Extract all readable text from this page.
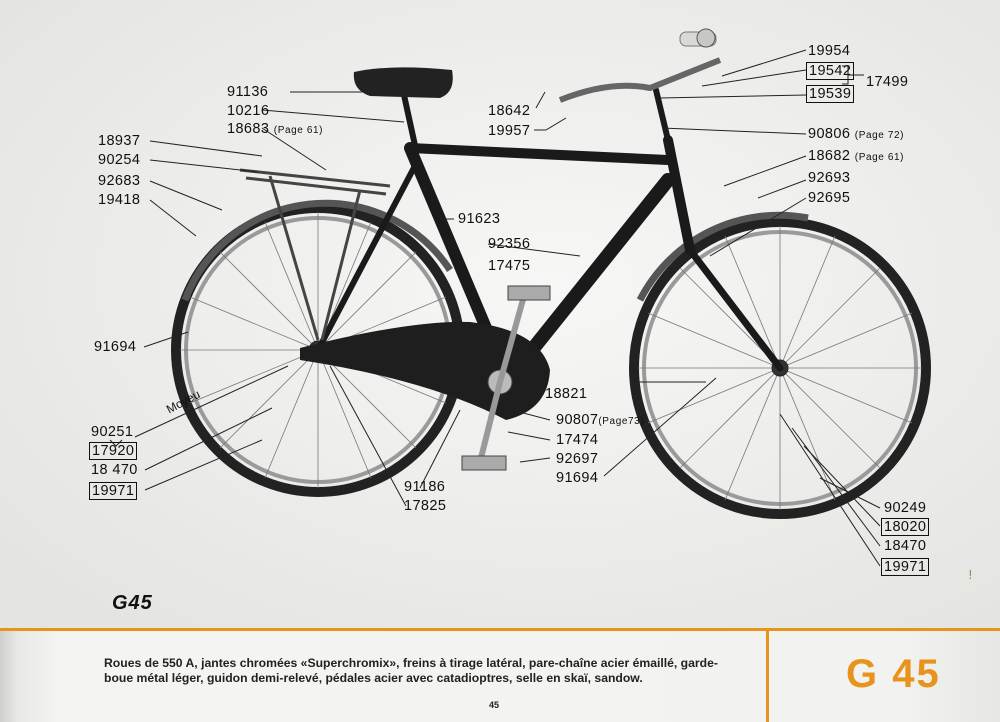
91136
10216
18683 (Page 61)
18937
90254
92683
19418
91694
Moyeu
90251
17920
18 470
19971	91186
17825
18642
19957
91623
92356
17475
18821
90807(Page73)
17474
92697
91694
19954
19542
17499
19539
90806 (Page 72)
18682 (Page 61)
92693
92695
90249
18020
18470
19971	!
G45
Roues de 550 A, jantes chromées «Superchromix», freins à tirage latéral, pare-chaîne acier émaillé, garde-boue métal léger, guidon demi-relevé, pédales acier avec catadioptres, selle en skaï, sandow.	G 45
45
